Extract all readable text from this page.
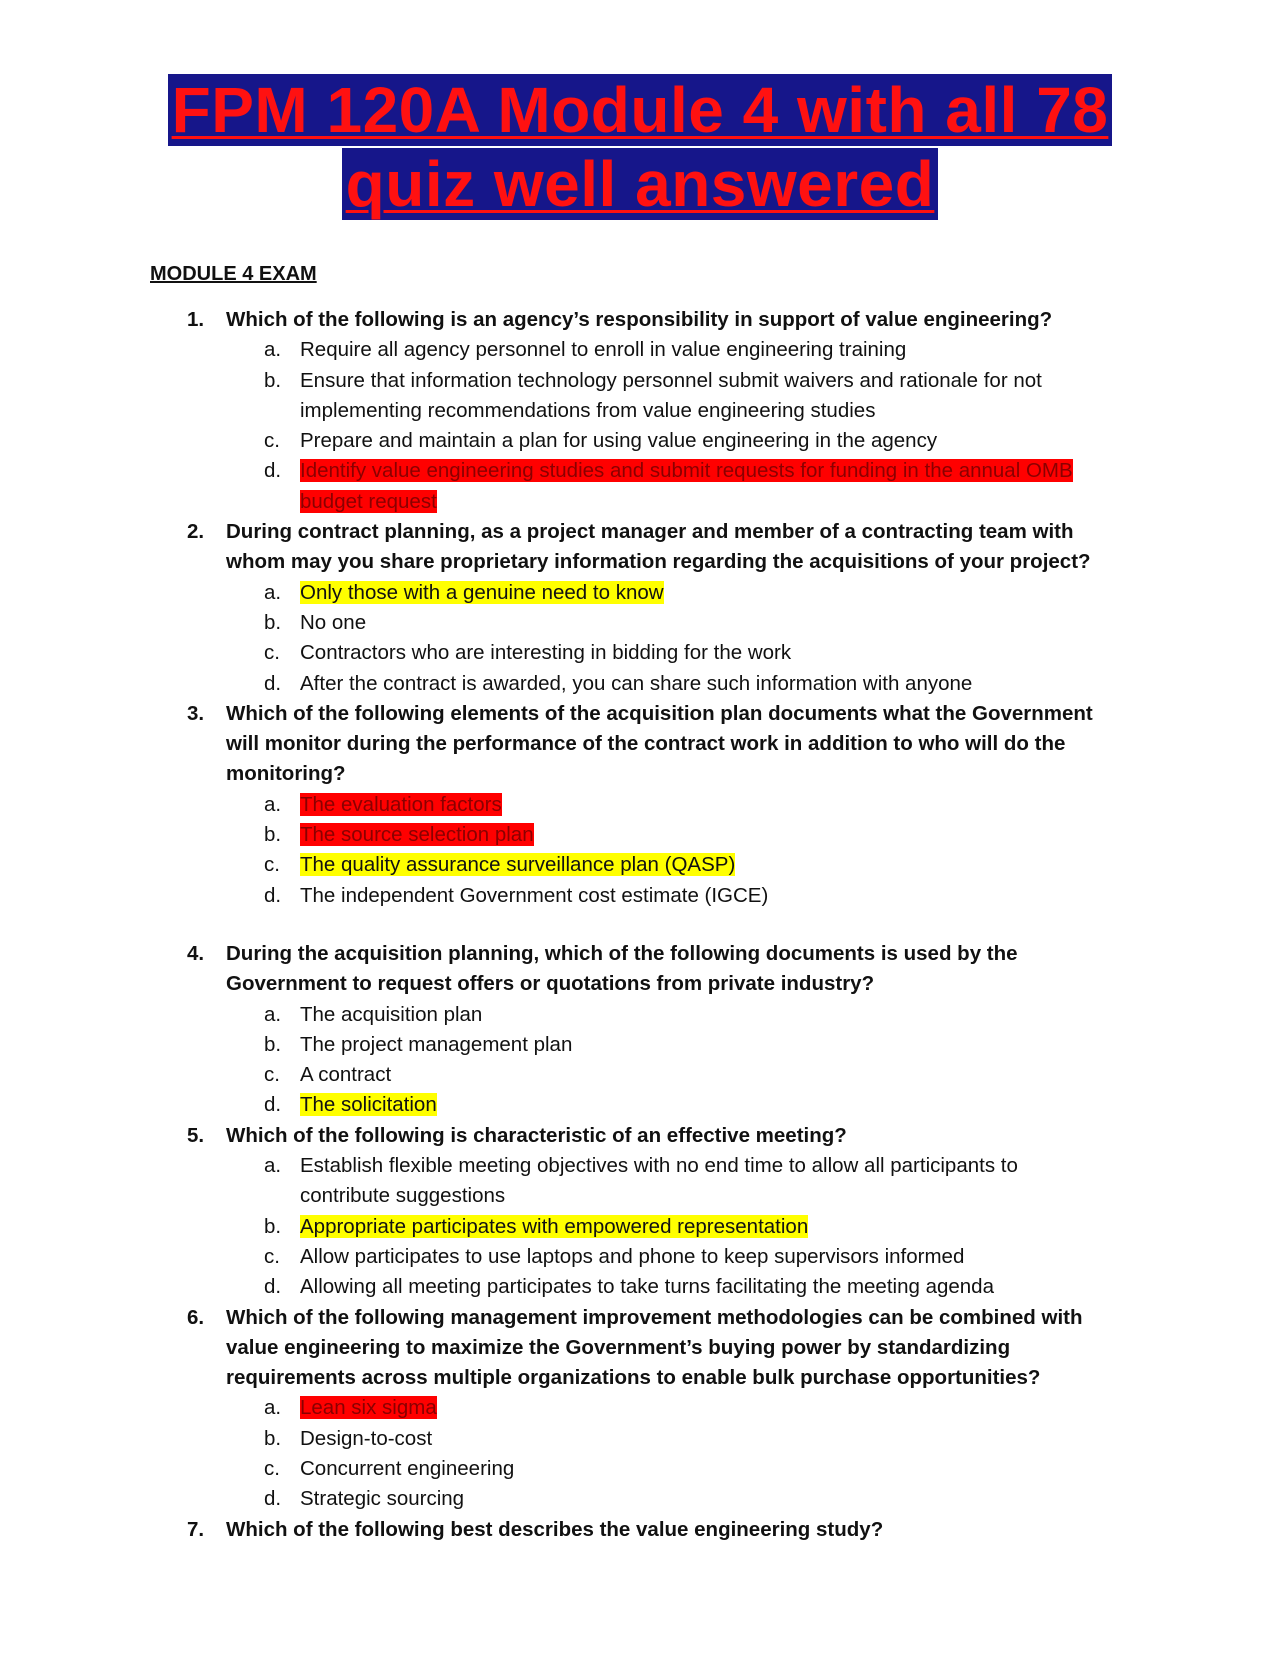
FPM 120A Module 4 with all 78
quiz well answered
MODULE 4 EXAM
1. Which of the following is an agency’s responsibility in support of value engineering?
a. Require all agency personnel to enroll in value engineering training
b. Ensure that information technology personnel submit waivers and rationale for not implementing recommendations from value engineering studies
c. Prepare and maintain a plan for using value engineering in the agency
d. Identify value engineering studies and submit requests for funding in the annual OMB budget request
2. During contract planning, as a project manager and member of a contracting team with whom may you share proprietary information regarding the acquisitions of your project?
a. Only those with a genuine need to know
b. No one
c. Contractors who are interesting in bidding for the work
d. After the contract is awarded, you can share such information with anyone
3. Which of the following elements of the acquisition plan documents what the Government will monitor during the performance of the contract work in addition to who will do the monitoring?
a. The evaluation factors
b. The source selection plan
c. The quality assurance surveillance plan (QASP)
d. The independent Government cost estimate (IGCE)
4. During the acquisition planning, which of the following documents is used by the Government to request offers or quotations from private industry?
a. The acquisition plan
b. The project management plan
c. A contract
d. The solicitation
5. Which of the following is characteristic of an effective meeting?
a. Establish flexible meeting objectives with no end time to allow all participants to contribute suggestions
b. Appropriate participates with empowered representation
c. Allow participates to use laptops and phone to keep supervisors informed
d. Allowing all meeting participates to take turns facilitating the meeting agenda
6. Which of the following management improvement methodologies can be combined with value engineering to maximize the Government’s buying power by standardizing requirements across multiple organizations to enable bulk purchase opportunities?
a. Lean six sigma
b. Design-to-cost
c. Concurrent engineering
d. Strategic sourcing
7. Which of the following best describes the value engineering study?
